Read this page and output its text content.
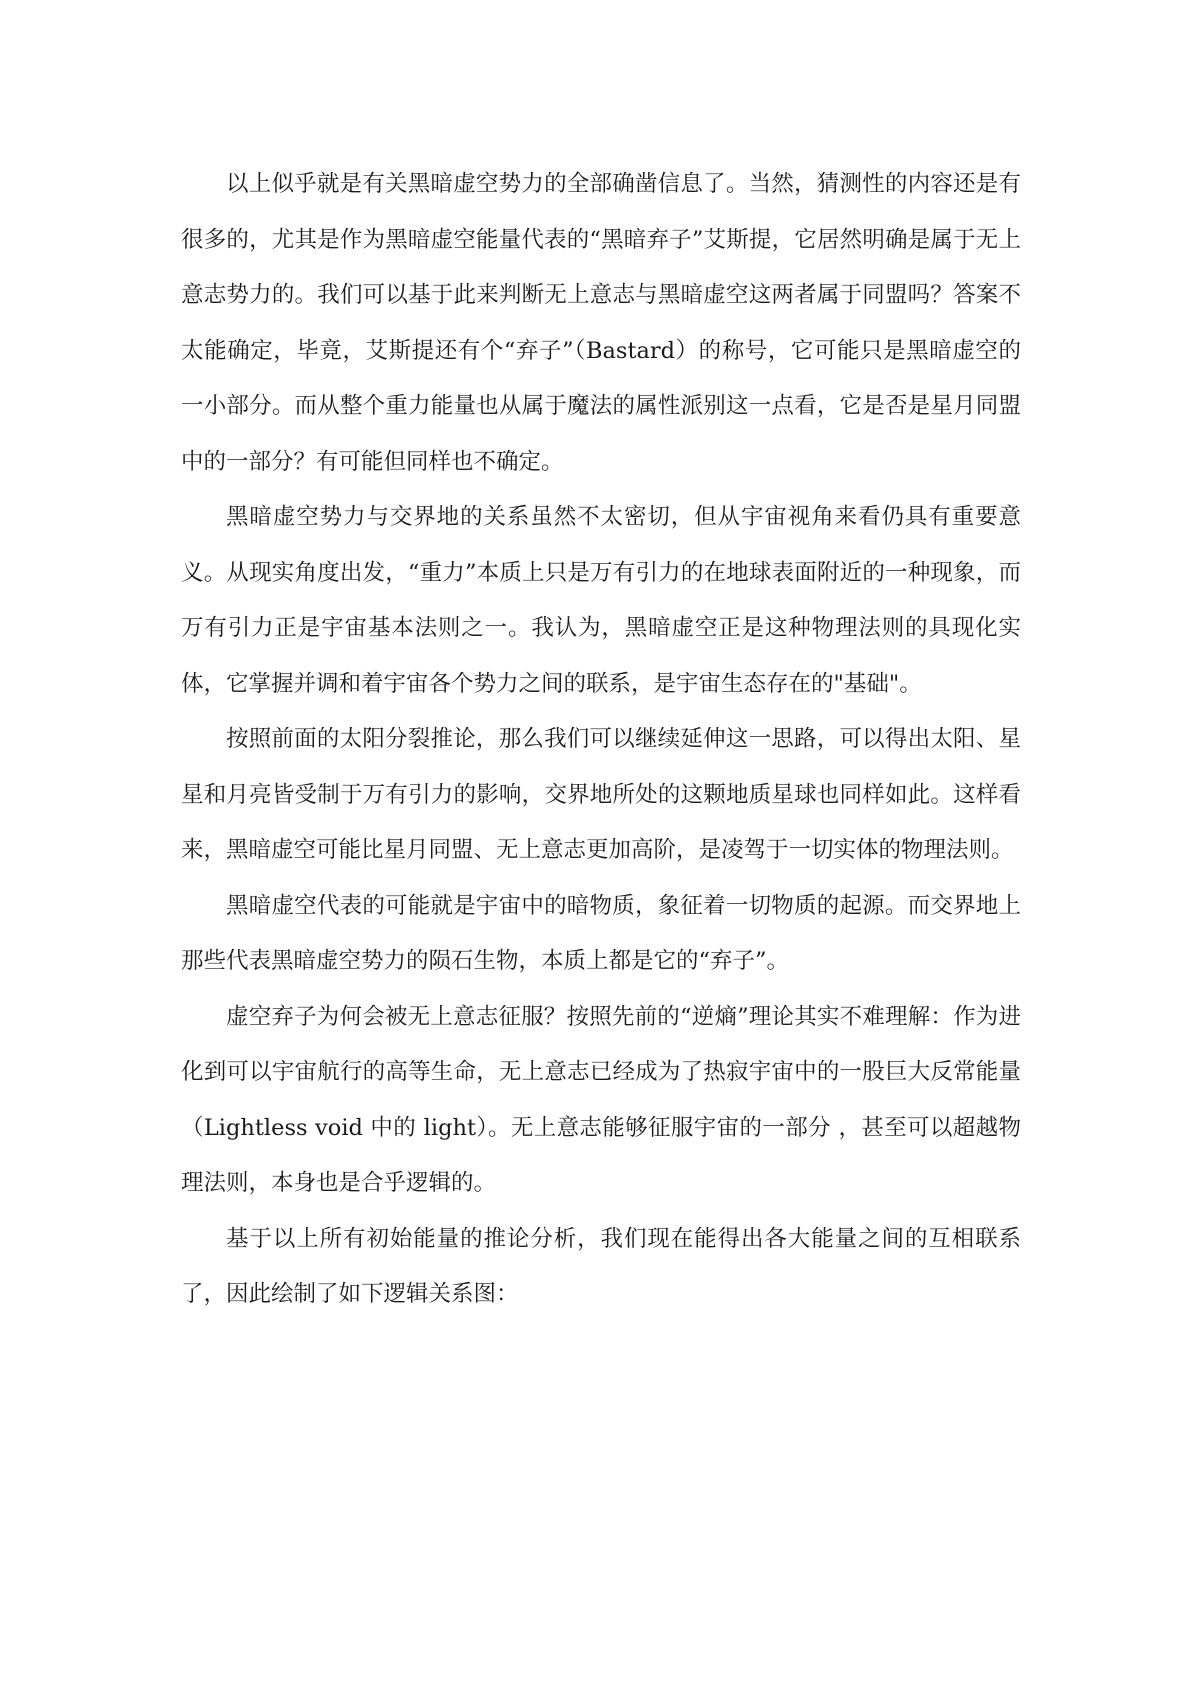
以上似乎就是有关黑暗虚空势力的全部确凿信息了。当然，猜测性的内容还是有很多的，尤其是作为黑暗虚空能量代表的“黑暗弃子”艾斯提，它居然明确是属于无上意志势力的。我们可以基于此来判断无上意志与黑暗虚空这两者属于同盟吗？答案不太能确定，毕竟，艾斯提还有个“弃子”（Bastard）的称号，它可能只是黑暗虚空的一小部分。而从整个重力能量也从属于魔法的属性派别这一点看，它是否是星月同盟中的一部分？有可能但同样也不确定。

黑暗虚空势力与交界地的关系虽然不太密切，但从宇宙视角来看仍具有重要意义。从现实角度出发，“重力”本质上只是万有引力的在地球表面附近的一种现象，而万有引力正是宇宙基本法则之一。我认为，黑暗虚空正是这种物理法则的具现化实体，它掌握并调和着宇宙各个势力之间的联系，是宇宙生态存在的"基础"。

按照前面的太阳分裂推论，那么我们可以继续延伸这一思路，可以得出太阳、星星和月亮皆受制于万有引力的影响，交界地所处的这颗地质星球也同样如此。这样看来，黑暗虚空可能比星月同盟、无上意志更加高阶，是凌驾于一切实体的物理法则。

黑暗虚空代表的可能就是宇宙中的暗物质，象征着一切物质的起源。而交界地上那些代表黑暗虚空势力的陨石生物，本质上都是它的“弃子”。

虚空弃子为何会被无上意志征服？按照先前的“逆熵”理论其实不难理解：作为进化到可以宇宙航行的高等生命，无上意志已经成为了热寂宇宙中的一股巨大反常能量（Lightless void 中的 light）。无上意志能够征服宇宙的一部分 ，甚至可以超越物理法则，本身也是合乎逻辑的。

基于以上所有初始能量的推论分析，我们现在能得出各大能量之间的互相联系了，因此绘制了如下逻辑关系图：
